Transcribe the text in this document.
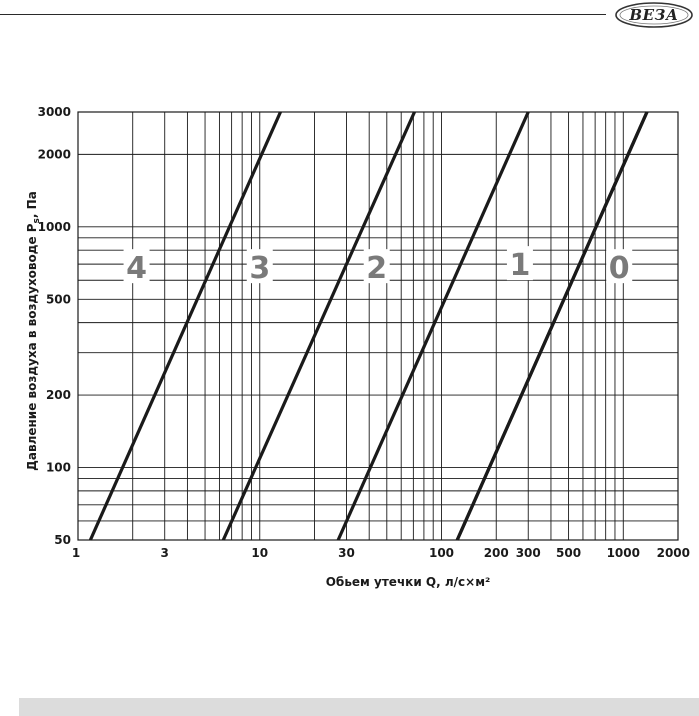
ВЕЗА
1	3	10	30	100 200 300 500 1000 2000
50
100
200
500
1000
2000
3000
4	3	2	1	0
Обьем утечки Q, л/с×м²
Давление воздуха в воздуховоде $P_s$, Па
